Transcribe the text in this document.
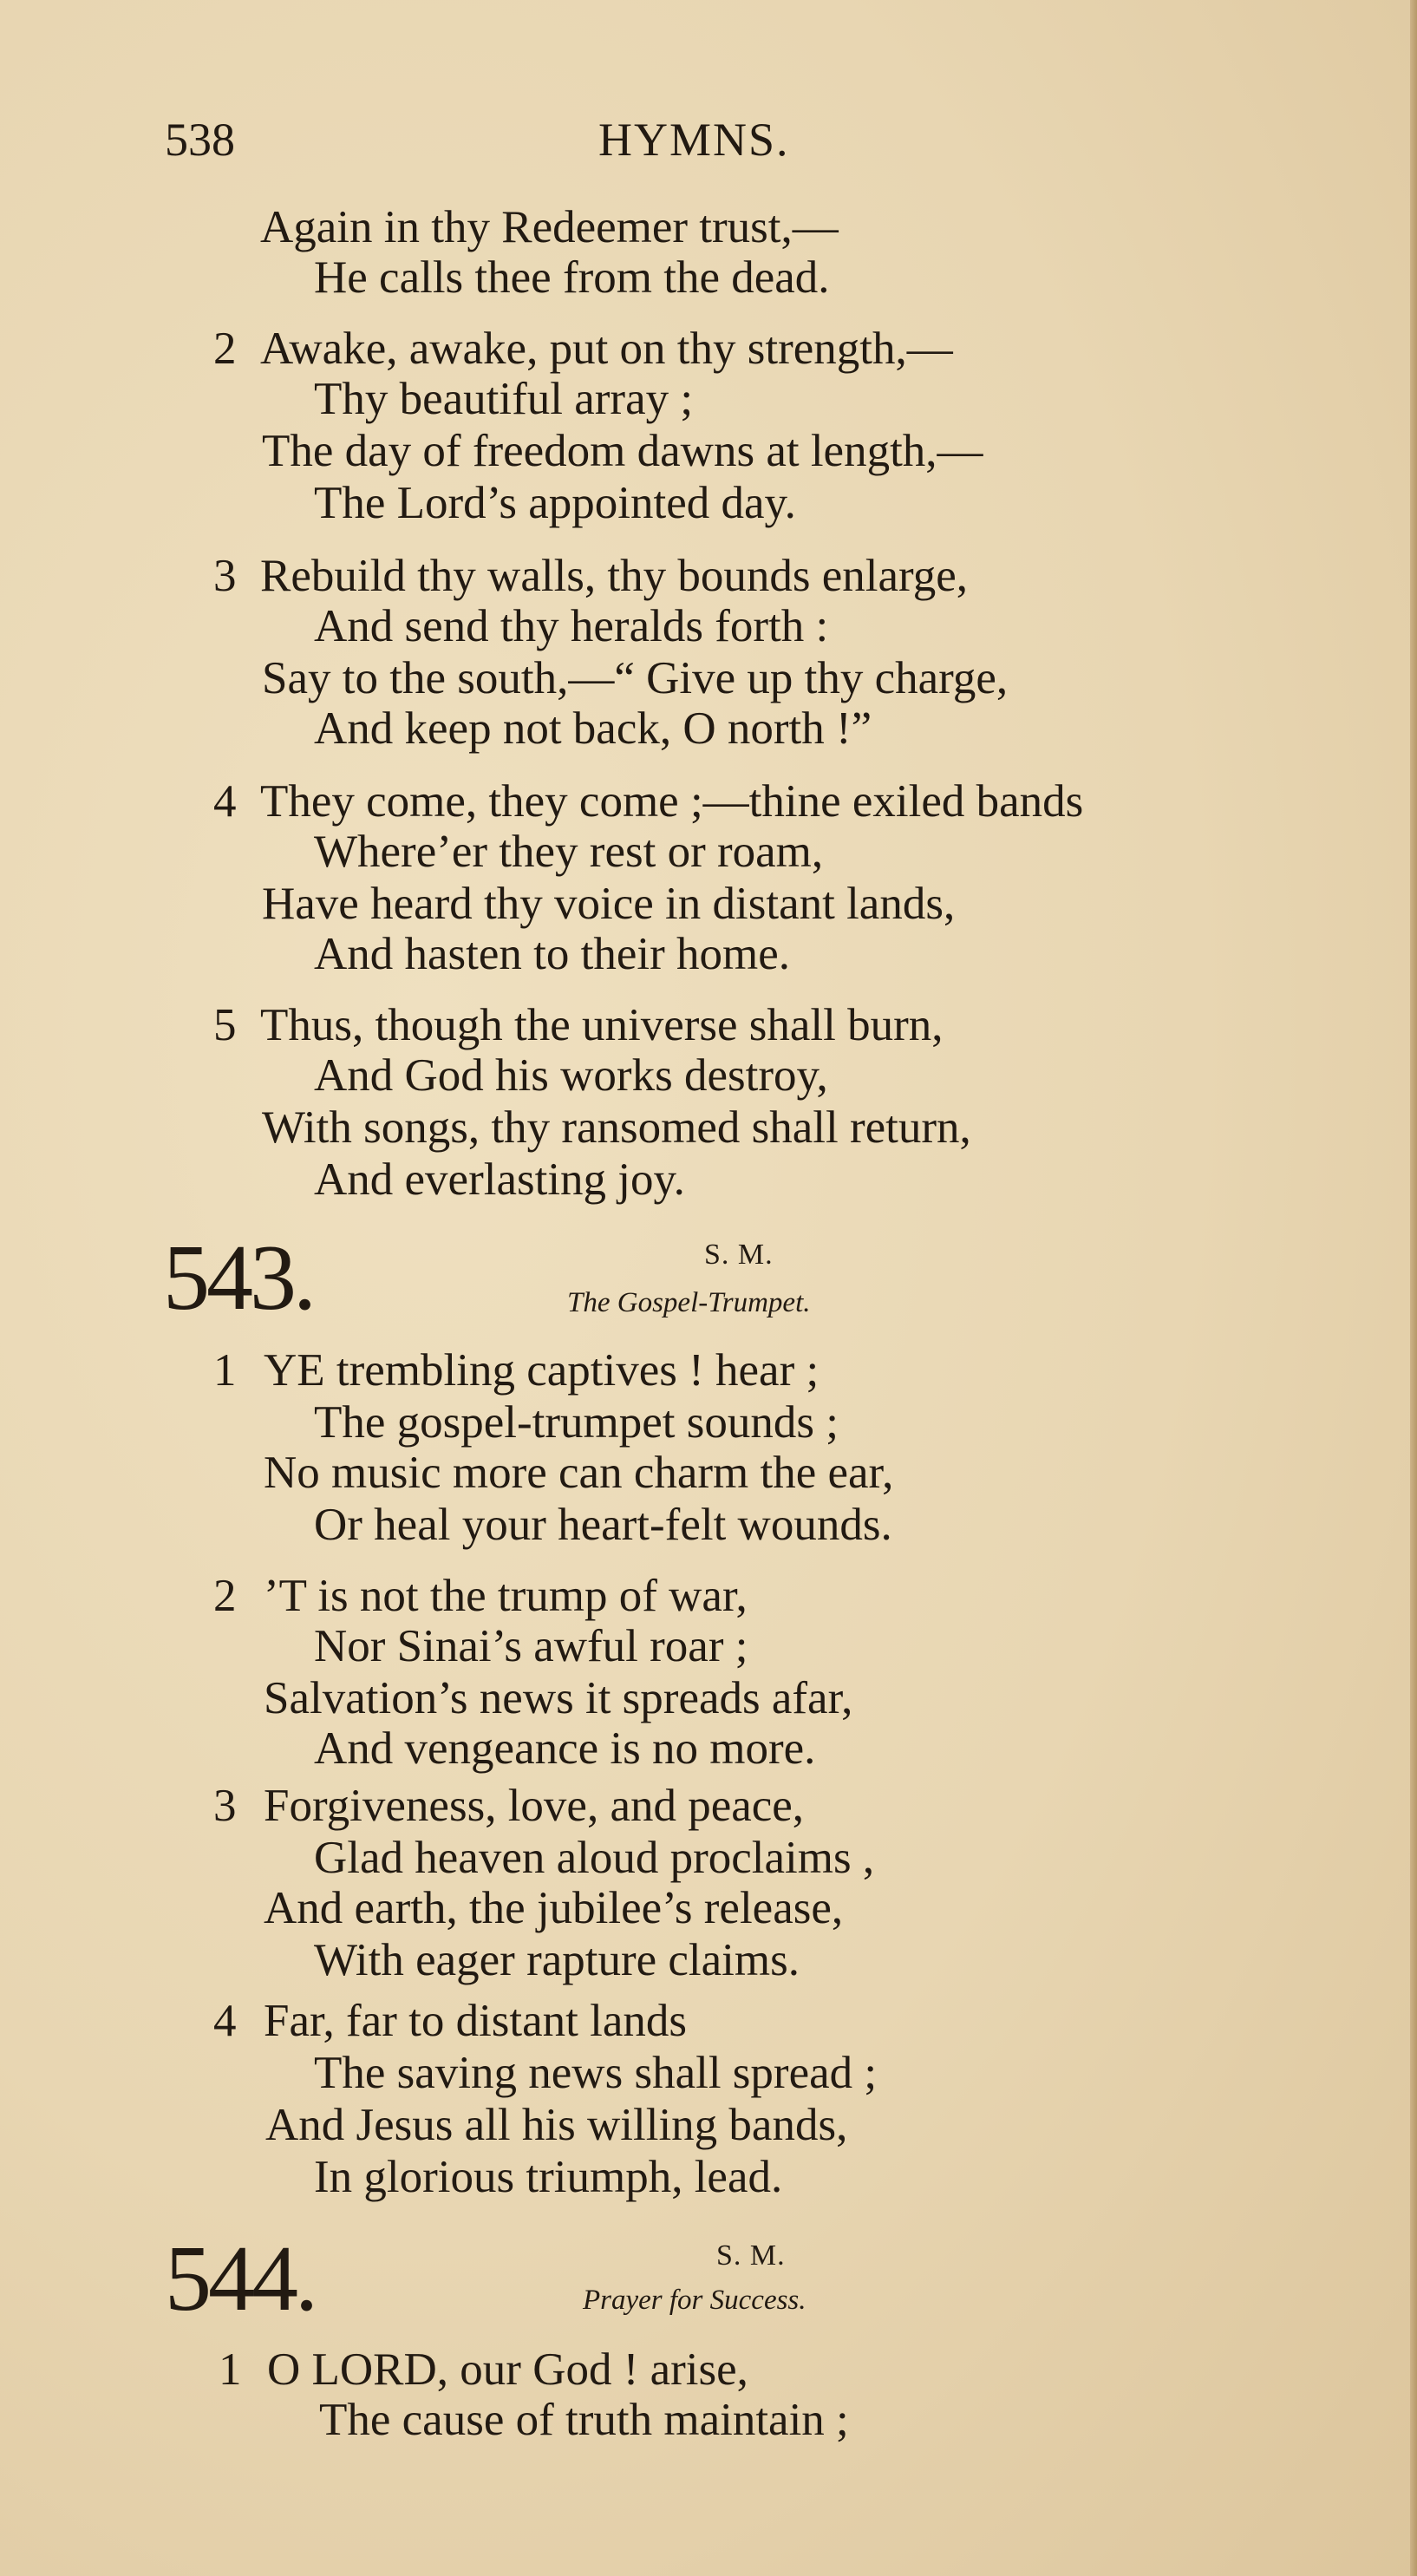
538	HYMNS.
Again in thy Redeemer trust,—
He calls thee from the dead.
2 Awake, awake, put on thy strength,—
Thy beautiful array ;
The day of freedom dawns at length,—
The Lord’s appointed day.
3 Rebuild thy walls, thy bounds enlarge,
And send thy heralds forth :
Say to the south,—“ Give up thy charge,
And keep not back, O north !”
4 They come, they come ;—thine exiled bands
Where’er they rest or roam,
Have heard thy voice in distant lands,
And hasten to their home.
5 Thus, though the universe shall burn,
And God his works destroy,
With songs, thy ransomed shall return,
And everlasting joy.
543.	S. M.
The Gospel-Trumpet.
1 YE trembling captives ! hear ;
The gospel-trumpet sounds ;
No music more can charm the ear,
Or heal your heart-felt wounds.
2 ’T is not the trump of war,
Nor Sinai’s awful roar ;
Salvation’s news it spreads afar,
And vengeance is no more.
3 Forgiveness, love, and peace,
Glad heaven aloud proclaims ,
And earth, the jubilee’s release,
With eager rapture claims.
4 Far, far to distant lands
The saving news shall spread ;
And Jesus all his willing bands,
In glorious triumph, lead.
544.	S. M.
Prayer for Success.
1 O LORD, our God ! arise,
The cause of truth maintain ;
